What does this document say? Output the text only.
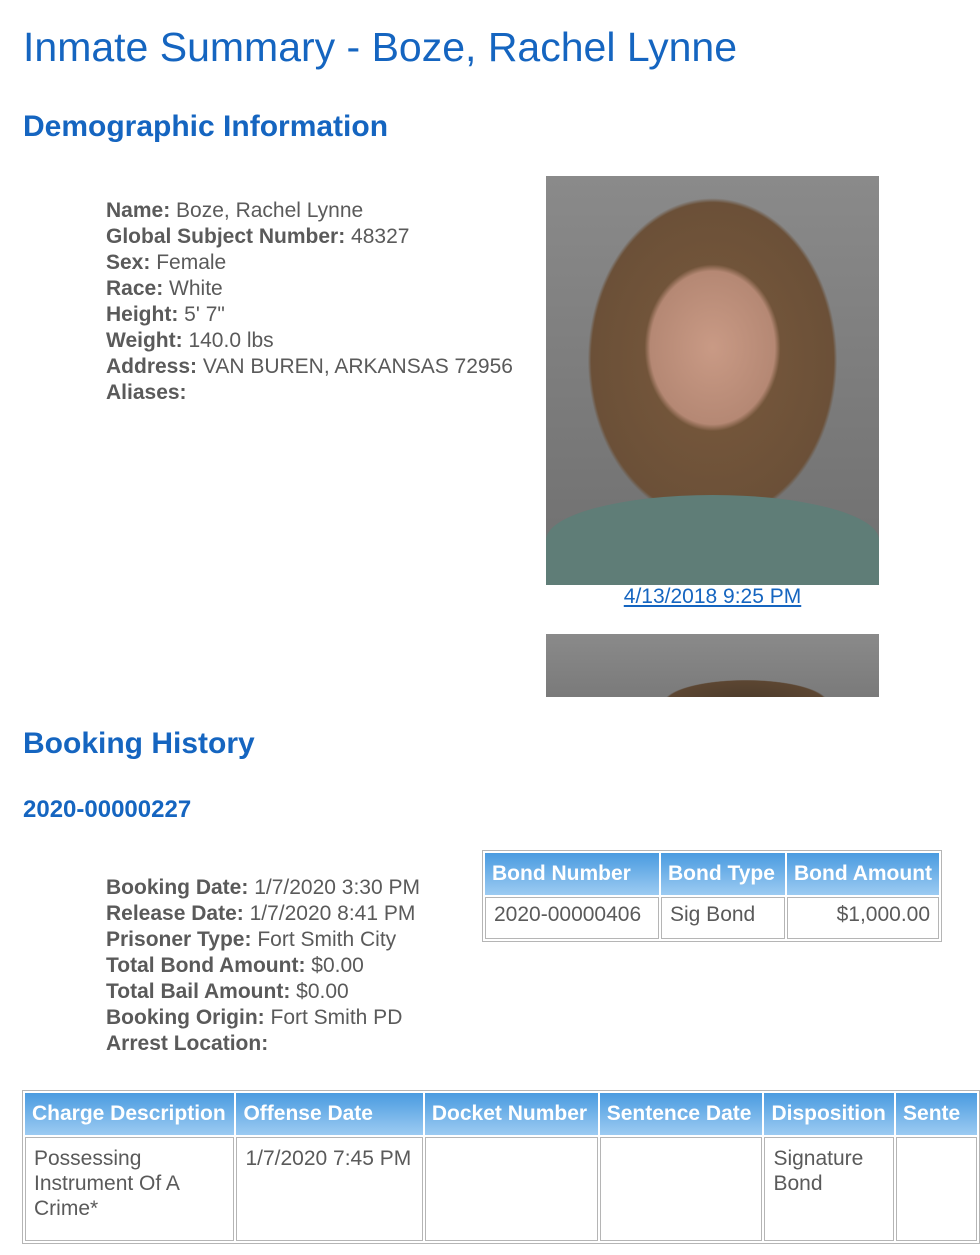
Inmate Summary - Boze, Rachel Lynne
Demographic Information
Name: Boze, Rachel Lynne
Global Subject Number: 48327
Sex: Female
Race: White
Height: 5' 7"
Weight: 140.0 lbs
Address: VAN BUREN, ARKANSAS 72956
Aliases:
4/13/2018 9:25 PM
Booking History
2020-00000227
Booking Date: 1/7/2020 3:30 PM
Release Date: 1/7/2020 8:41 PM
Prisoner Type: Fort Smith City
Total Bond Amount: $0.00
Total Bail Amount: $0.00
Booking Origin: Fort Smith PD
Arrest Location:
Bond Number	Bond Type	Bond Amount
2020-00000406	Sig Bond	$1,000.00
Charge Description	Offense Date	Docket Number	Sentence Date	Disposition	Sente
Possessing Instrument Of A Crime*	1/7/2020 7:45 PM			Signature Bond	
